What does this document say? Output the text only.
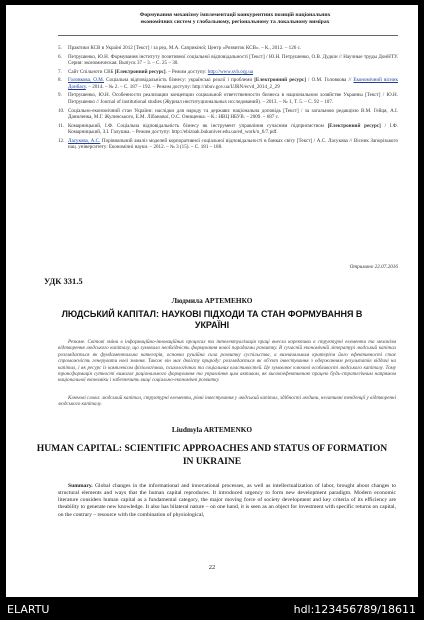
Формування механізму імплементації конкурентних позицій національних
економічних систем у глобальному, регіональному та локальному вимірах
5. Практики КСВ в Україні 2012 [Текст] / за ред. М.А. Саприкіної; Центр «Розвиток КСВ». – К., 2012. – 126 с.
6. Петрушенко, Ю.Н. Формування інституту позитивної соціальної відповідальності [Текст] / Ю.Н. Петрушенко, О.В. Дудкін // Научные труды ДонНТУ. Серия: экономическая. Выпуск 37 – 3. – С. 25 – 30.
7. Сайт Спільноти СВБ [Електронний ресурс]. – Режим доступу: http://www.svb.org.ua
8. Головкова, О.М. Соціальна відповідальність бізнесу: українські реалії і проблеми [Електронний ресурс] / О.М. Головкова // Економічний вісник Донбасу. – 2014. – № 2. – С. 187 – 192. – Режим доступу: http://nbuv.gov.ua/UJRN/ecvd_2014_2_29
9. Петрушенко, Ю.Н. Особенности реализации концепции социальной ответственности бизнеса в национальном хозяйстве Украины [Текст] / Ю.Н. Петрушенко // Journal of institutional studies (Журнал институциональных исследований). – 2013. – № 1, Т. 5. – С. 92 – 107.
10. Соціально-економічний стан України: наслідки для народу та держави: національна доповідь [Текст] / за загальною редакцією В.М. Гейця, А.І. Даниленка, М.Г. Жулинського, Е.М. Лібанової, О.С. Онищенка. – К.: НВЦ НБУВ. – 2009. – 687 с.
11. Комарницький, І.Ф. Соціальна відповідальність бізнесу як інструмент управління сучасним підприємством [Електронний ресурс] / І.Ф. Комарницький, З.І. Галушка. – Режим доступу: http://ebiznak.bukuniver.edu.ua/ed_work/n_6/7.pdf.
12. Ласукова, А.С. Порівняльний аналіз моделей корпоративної соціальної відповідальності в банках світу [Текст] / А.С. Ласукова // Вісник Запорізького нац. університету: Економічні науки. – 2012. – № 3 (15). – С. 181 – 188.
Отримано 22.07.2016
УДК 331.5
Людмила АРТЕМЕНКО
ЛЮДСЬКИЙ КАПІТАЛ: НАУКОВІ ПІДХОДИ ТА СТАН ФОРМУВАННЯ В УКРАЇНІ

Резюме. Світові зміни в інформаційно-інноваційних процесах та інтелектуалізація праці внесли корективи в структурні елементи та механізм відтворення людського капіталу, що зумовило необхідність формування нової парадигми розвитку. В сучасній економічній літературі людський капітал розглядається як фундаментальна категорія, основна рушійна сила розвитку суспільства, а визначальним критерієм його ефективності стає спроможність генерувати нові знання. Також він має двоїсту природу: розглядається як об'єкт інвестування з одержанням результатів віддачі на капітал, і як ресурс із комплексом фізіологічних, психологічних та соціальних властивостей. Це зумовлює ключові особливості людського капіталу. Тому трансформація сутності вимагає раціонального формування та управління цим активом, як високоефективною працею будь-стратегічним напрямом національної економіки і забезпечить вищі соціально-економічні розвитку.

Ключові слова: людський капітал, структурні елементи, рівні інвестування у людський капітал, здібності людини, негативні тенденції у відтворенні людського капіталу.

Liudmyla ARTEMENKO
HUMAN CAPITAL: SCIENTIFIC APPROACHES AND STATUS OF FORMATION IN UKRAINE

Summary. Global changes in the informational and innovational processes, as well as intellectualization of labor, brought about changes to structural elements and ways that the human capital reproduces. It introduced urgency to form new development paradigm. Modern economic literature considers human capital as a fundamental category, the major moving force of society development and key criteria of its efficiency are theability to generate new knowledge. It also has bilateral nature – on one hand, it is seen as an object for investment with specific returns on capital, on the contrary – resource with the combination of physiological,

22
ELARTU	hdl:123456789/18611
